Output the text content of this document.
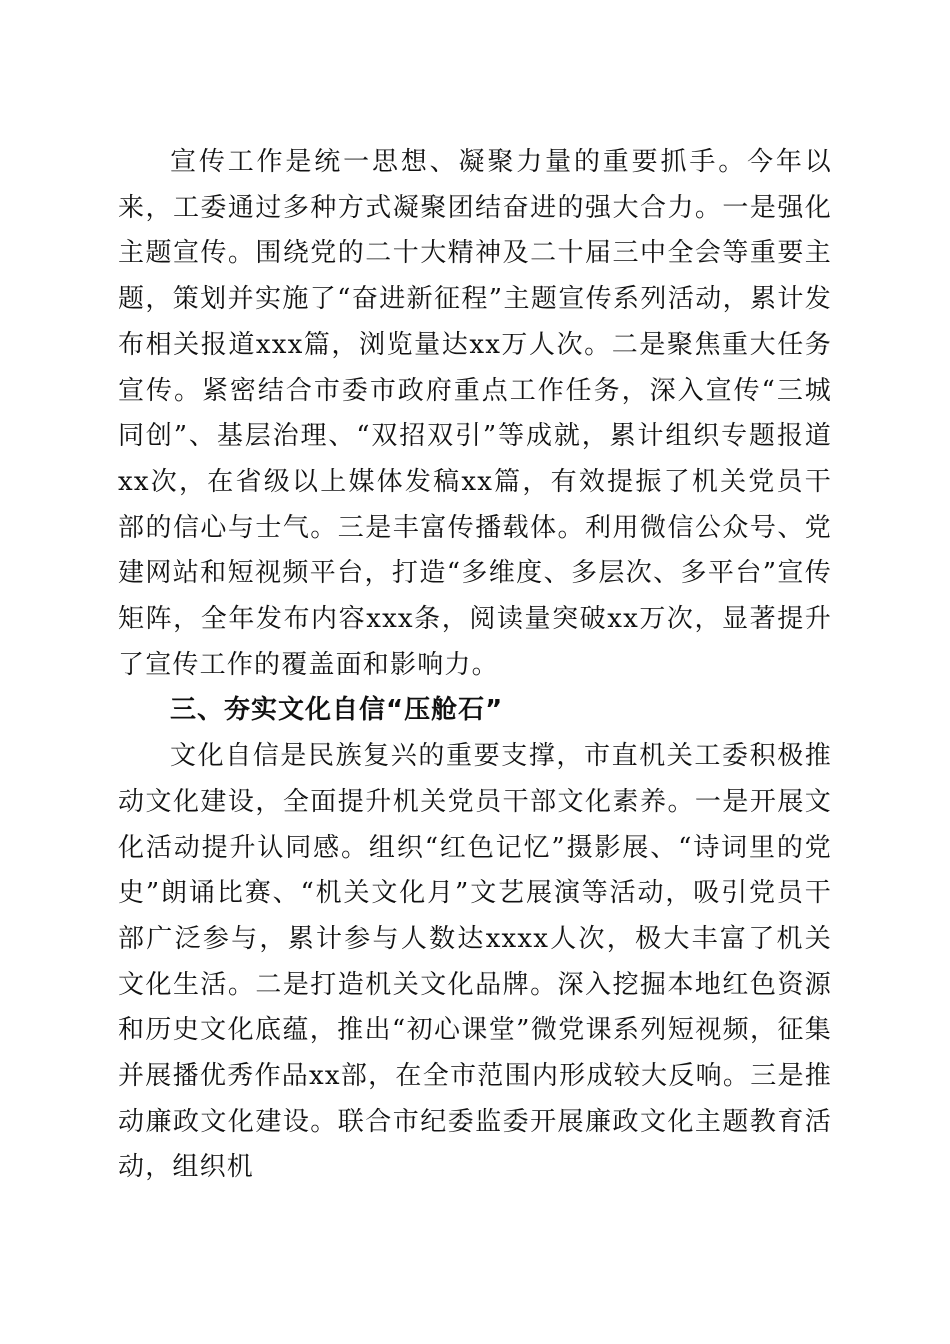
宣传工作是统一思想、凝聚力量的重要抓手。今年以来，工委通过多种方式凝聚团结奋进的强大合力。一是强化主题宣传。围绕党的二十大精神及二十届三中全会等重要主题，策划并实施了“奋进新征程”主题宣传系列活动，累计发布相关报道xxx篇，浏览量达xx万人次。二是聚焦重大任务宣传。紧密结合市委市政府重点工作任务，深入宣传“三城同创”、基层治理、“双招双引”等成就，累计组织专题报道xx次，在省级以上媒体发稿xx篇，有效提振了机关党员干部的信心与士气。三是丰富传播载体。利用微信公众号、党建网站和短视频平台，打造“多维度、多层次、多平台”宣传矩阵，全年发布内容xxx条，阅读量突破xx万次，显著提升了宣传工作的覆盖面和影响力。

三、夯实文化自信“压舱石”

文化自信是民族复兴的重要支撑，市直机关工委积极推动文化建设，全面提升机关党员干部文化素养。一是开展文化活动提升认同感。组织“红色记忆”摄影展、“诗词里的党史”朗诵比赛、“机关文化月”文艺展演等活动，吸引党员干部广泛参与，累计参与人数达xxxx人次，极大丰富了机关文化生活。二是打造机关文化品牌。深入挖掘本地红色资源和历史文化底蕴，推出“初心课堂”微党课系列短视频，征集并展播优秀作品xx部，在全市范围内形成较大反响。三是推动廉政文化建设。联合市纪委监委开展廉政文化主题教育活动，组织机
